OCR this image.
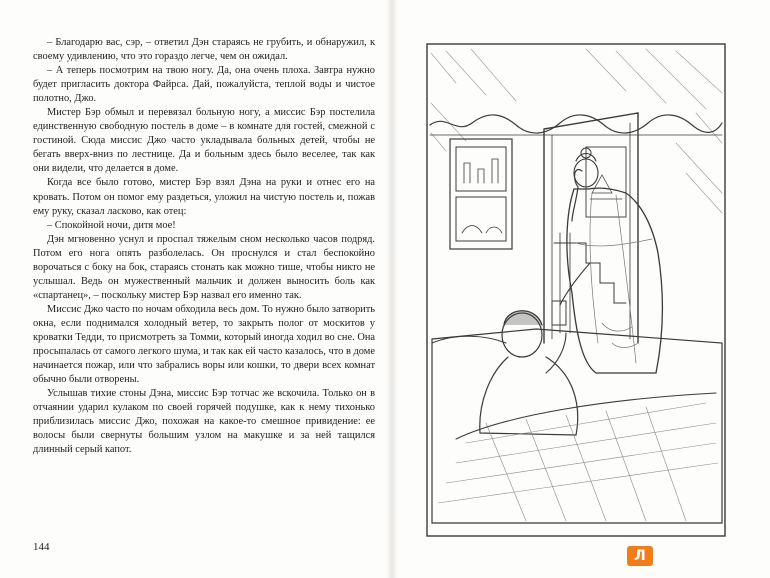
– Благодарю вас, сэр, – ответил Дэн стараясь не грубить, и обнаружил, к своему удивлению, что это гораздо легче, чем он ожидал.

– А теперь посмотрим на твою ногу. Да, она очень плоха. Завтра нужно будет пригласить доктора Файрса. Дай, пожалуйста, теплой воды и чистое полотно, Джо.

Мистер Бэр обмыл и перевязал больную ногу, а миссис Бэр постелила единственную свободную постель в доме – в комнате для гостей, смежной с гостиной. Сюда миссис Джо часто укладывала больных детей, чтобы не бегать вверх-вниз по лестнице. Да и больным здесь было веселее, так как они видели, что делается в доме.

Когда все было готово, мистер Бэр взял Дэна на руки и отнес его на кровать. Потом он помог ему раздеться, уложил на чистую постель и, пожав ему руку, сказал ласково, как отец:

– Спокойной ночи, дитя мое!

Дэн мгновенно уснул и проспал тяжелым сном несколько часов подряд. Потом его нога опять разболелась. Он проснулся и стал беспокойно ворочаться с боку на бок, стараясь стонать как можно тише, чтобы никто не услышал. Ведь он мужественный мальчик и должен выносить боль как «спартанец», – поскольку мистер Бэр назвал его именно так.

Миссис Джо часто по ночам обходила весь дом. То нужно было затворить окна, если поднимался холодный ветер, то закрыть полог от москитов у кроватки Тедди, то присмотреть за Томми, который иногда ходил во сне. Она просыпалась от самого легкого шума, и так как ей часто казалось, что в доме начинается пожар, или что забрались воры или кошки, то двери всех комнат обычно были отворены.

Услышав тихие стоны Дэна, миссис Бэр тотчас же вскочила. Только он в отчаянии ударил кулаком по своей горячей подушке, как к нему тихонько приблизилась миссис Джо, похожая на какое-то смешное привидение: ее волосы были свернуты большим узлом на макушке и за ней тащился длинный серый капот.

144
Л
